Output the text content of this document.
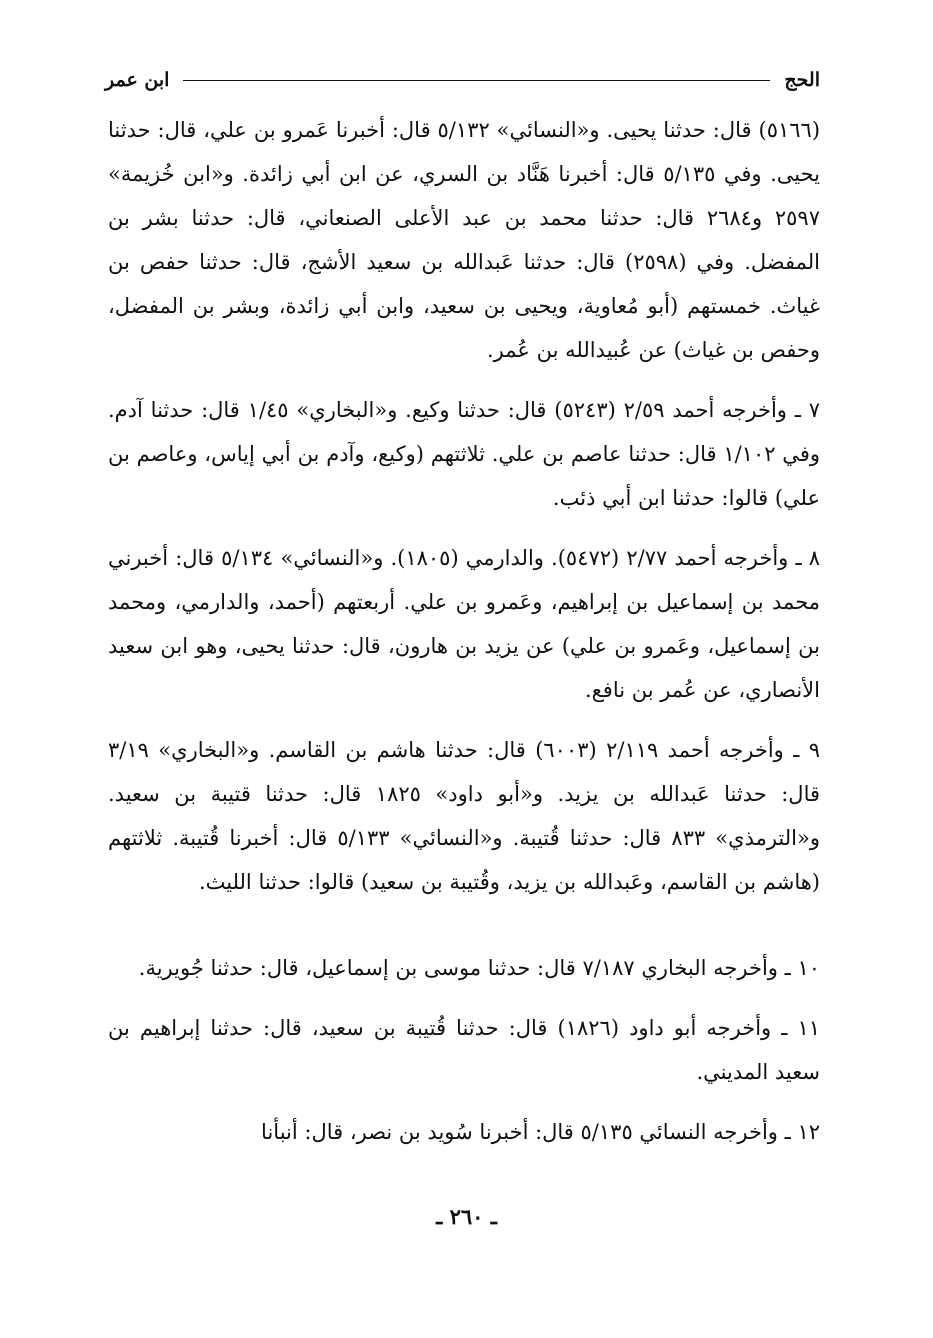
الحج
ابن عمر

(٥١٦٦) قال: حدثنا يحيى. و«النسائي» ٥/١٣٢ قال: أخبرنا عَمرو بن علي، قال: حدثنا يحيى. وفي ٥/١٣٥ قال: أخبرنا هَنَّاد بن السري، عن ابن أبي زائدة. و«ابن خُزيمة» ٢٥٩٧ و٢٦٨٤ قال: حدثنا محمد بن عبد الأعلى الصنعاني، قال: حدثنا بشر بن المفضل. وفي (٢٥٩٨) قال: حدثنا عَبدالله بن سعيد الأشج، قال: حدثنا حفص بن غياث. خمستهم (أبو مُعاوية، ويحيى بن سعيد، وابن أبي زائدة، وبشر بن المفضل، وحفص بن غياث) عن عُبيدالله بن عُمر.

٧ ـ وأخرجه أحمد ٢/٥٩ (٥٢٤٣) قال: حدثنا وكيع. و«البخاري» ١/٤٥ قال: حدثنا آدم. وفي ١/١٠٢ قال: حدثنا عاصم بن علي. ثلاثتهم (وكيع، وآدم بن أبي إياس، وعاصم بن علي) قالوا: حدثنا ابن أبي ذئب.

٨ ـ وأخرجه أحمد ٢/٧٧ (٥٤٧٢). والدارمي (١٨٠٥). و«النسائي» ٥/١٣٤ قال: أخبرني محمد بن إسماعيل بن إبراهيم، وعَمرو بن علي. أربعتهم (أحمد، والدارمي، ومحمد بن إسماعيل، وعَمرو بن علي) عن يزيد بن هارون، قال: حدثنا يحيى، وهو ابن سعيد الأنصاري، عن عُمر بن نافع.

٩ ـ وأخرجه أحمد ٢/١١٩ (٦٠٠٣) قال: حدثنا هاشم بن القاسم. و«البخاري» ٣/١٩ قال: حدثنا عَبدالله بن يزيد. و«أبو داود» ١٨٢٥ قال: حدثنا قتيبة بن سعيد. و«الترمذي» ٨٣٣ قال: حدثنا قُتيبة. و«النسائي» ٥/١٣٣ قال: أخبرنا قُتيبة. ثلاثتهم (هاشم بن القاسم، وعَبدالله بن يزيد، وقُتيبة بن سعيد) قالوا: حدثنا الليث.

١٠ ـ وأخرجه البخاري ٧/١٨٧ قال: حدثنا موسى بن إسماعيل، قال: حدثنا جُويرية.

١١ ـ وأخرجه أبو داود (١٨٢٦) قال: حدثنا قُتيبة بن سعيد، قال: حدثنا إبراهيم بن سعيد المديني.

١٢ ـ وأخرجه النسائي ٥/١٣٥ قال: أخبرنا سُويد بن نصر، قال: أنبأنا

ـ ٢٦٠ ـ
